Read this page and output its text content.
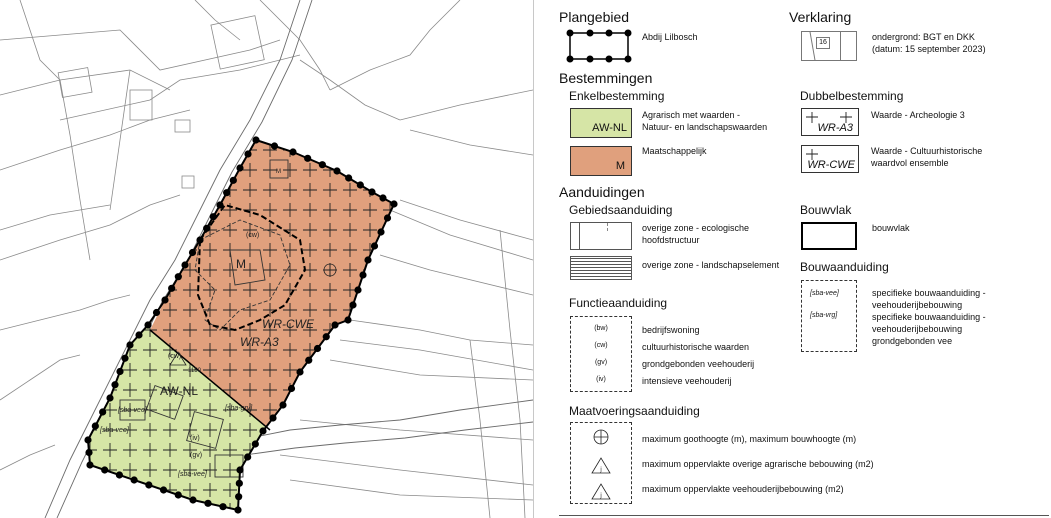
M
AW-NL
WR-CWE
WR-A3
(cw)
(cw)
(gv)
(iv)
[sba-vee]
[sba-vee]
[sba-vee]
[sba-grv]
M
1150
Plangebied
Abdij Lilbosch
Verklaring
16
ondergrond: BGT en DKK
(datum: 15 september 2023)
Bestemmingen
Enkelbestemming
AW-NL
Agrarisch met waarden -
Natuur- en landschapswaarden
M
Maatschappelijk
Dubbelbestemming
WR-A3
Waarde - Archeologie 3
WR-CWE
Waarde - Cultuurhistorische
waardvol ensemble
Aanduidingen
Gebiedsaanduiding
overige zone - ecologische
hoofdstructuur
overige zone - landschapselement
Bouwvlak
bouwvlak
Bouwaanduiding
[sba-vee]
[sba-vrg]
specifieke bouwaanduiding -
veehouderijbebouwing
specifieke bouwaanduiding -
veehouderijbebouwing
grondgebonden vee
Functieaanduiding
(bw)
(cw)
(gv)
(iv)
bedrijfswoning
cultuurhistorische waarden
grondgebonden veehouderij
intensieve veehouderij
Maatvoeringsaanduiding
j
j
maximum goothoogte (m), maximum bouwhoogte (m)
maximum oppervlakte overige agrarische bebouwing (m2)
maximum oppervlakte veehouderijbebouwing (m2)
